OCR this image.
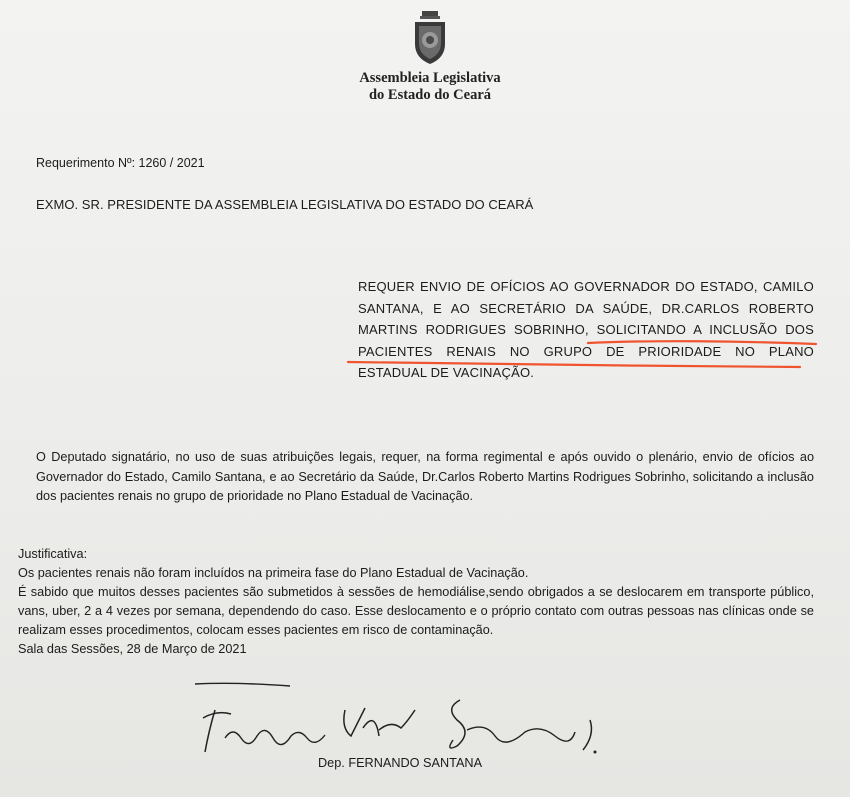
Assembleia Legislativa
do Estado do Ceará
Requerimento Nº: 1260 / 2021
EXMO. SR. PRESIDENTE DA ASSEMBLEIA LEGISLATIVA DO ESTADO DO CEARÁ
REQUER ENVIO DE OFÍCIOS AO GOVERNADOR DO ESTADO, CAMILO SANTANA, E AO SECRETÁRIO DA SAÚDE, DR.CARLOS ROBERTO MARTINS RODRIGUES SOBRINHO, SOLICITANDO A INCLUSÃO DOS PACIENTES RENAIS NO GRUPO DE PRIORIDADE NO PLANO ESTADUAL DE VACINAÇÃO.
O Deputado signatário, no uso de suas atribuições legais, requer, na forma regimental e após ouvido o plenário, envio de ofícios ao Governador do Estado, Camilo Santana, e ao Secretário da Saúde, Dr.Carlos Roberto Martins Rodrigues Sobrinho, solicitando a inclusão dos pacientes renais no grupo de prioridade no Plano Estadual de Vacinação.

Justificativa:

Os pacientes renais não foram incluídos na primeira fase do Plano Estadual de Vacinação.

É sabido que muitos desses pacientes são submetidos à sessões de hemodiálise,sendo obrigados a se deslocarem em transporte público, vans, uber, 2 a 4 vezes por semana, dependendo do caso. Esse deslocamento e o próprio contato com outras pessoas nas clínicas onde se realizam esses procedimentos, colocam esses pacientes em risco de contaminação.

Sala das Sessões, 28 de Março de 2021

Dep. FERNANDO SANTANA
